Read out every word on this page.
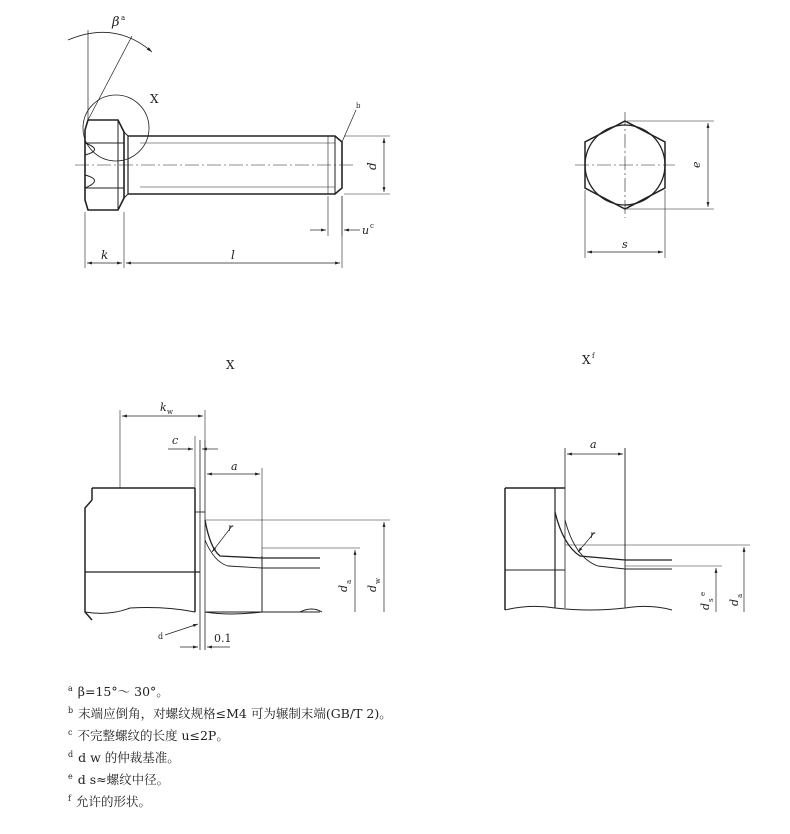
β a
X	b
d
u c
k	l
e
s
X
k w
c
a
r
d
a
d
w
d	0.1
X f
a
r
d
s
e
d
a
$^a$ β=15°～ 30°。
$^b$ 末端应倒角，对螺纹规格≤M4 可为辗制末端(GB/T 2)。
$^c$ 不完整螺纹的长度 u≤2P。
$^d$ d w 的仲裁基准。
$^e$ d s≈螺纹中径。
$^f$ 允许的形状。
